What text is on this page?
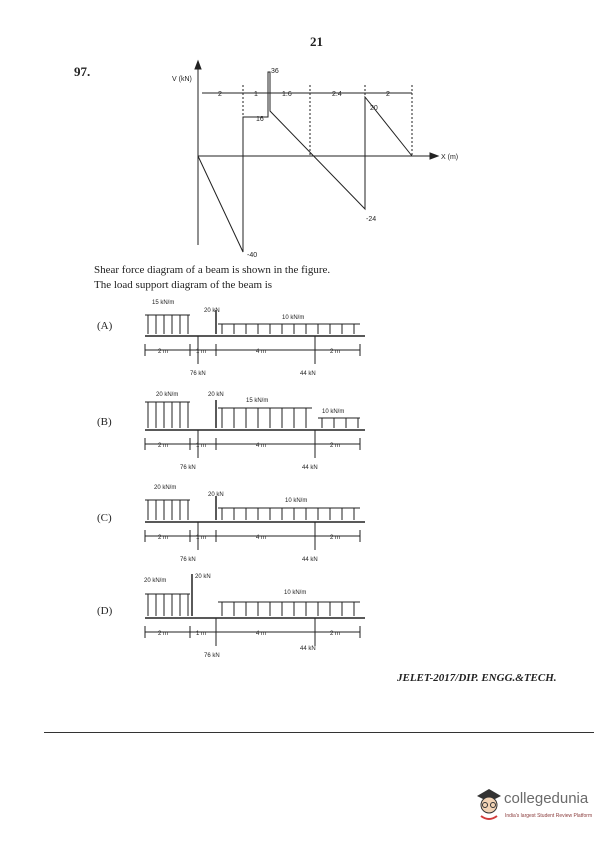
21
97.
V (kN)
X (m)
2	1	1.6	2.4	2
36
16
20
-24
-40
Shear force diagram of a beam is shown in the figure.
The load support diagram of the beam is
(A)
15 kN/m
20 kN
10 kN/m
2 m	1 m	4 m	2 m
76 kN	44 kN
(B)
20 kN/m	20 kN
15 kN/m
10 kN/m
2 m	1 m	4 m	2 m
76 kN	44 kN
(C)
20 kN/m
20 kN
10 kN/m
2 m	1 m	4 m	2 m
76 kN	44 kN
(D)
20 kN/m
20 kN
10 kN/m
2 m	1 m	4 m	2 m
76 kN
44 kN
JELET-2017/DIP. ENGG.&TECH.
collegedunia
India's largest Student Review Platform
